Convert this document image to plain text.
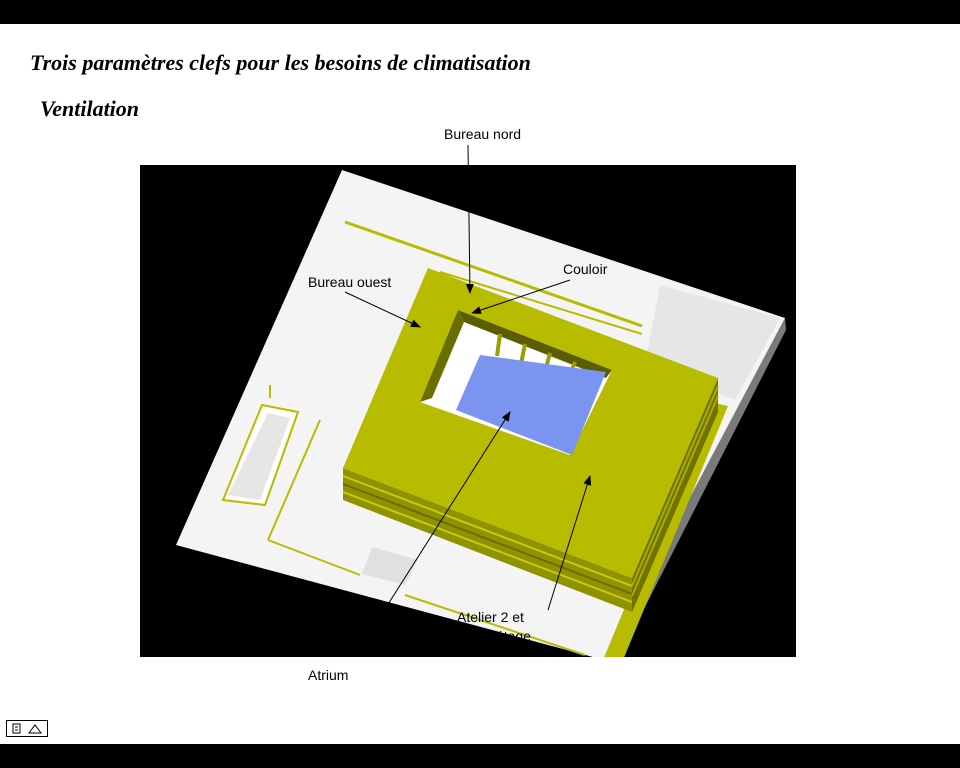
Trois paramètres clefs pour les besoins de climatisation
Ventilation
Bureau nord
Couloir
Bureau ouest
Atelier 2 et
3ème étage
Atrium
